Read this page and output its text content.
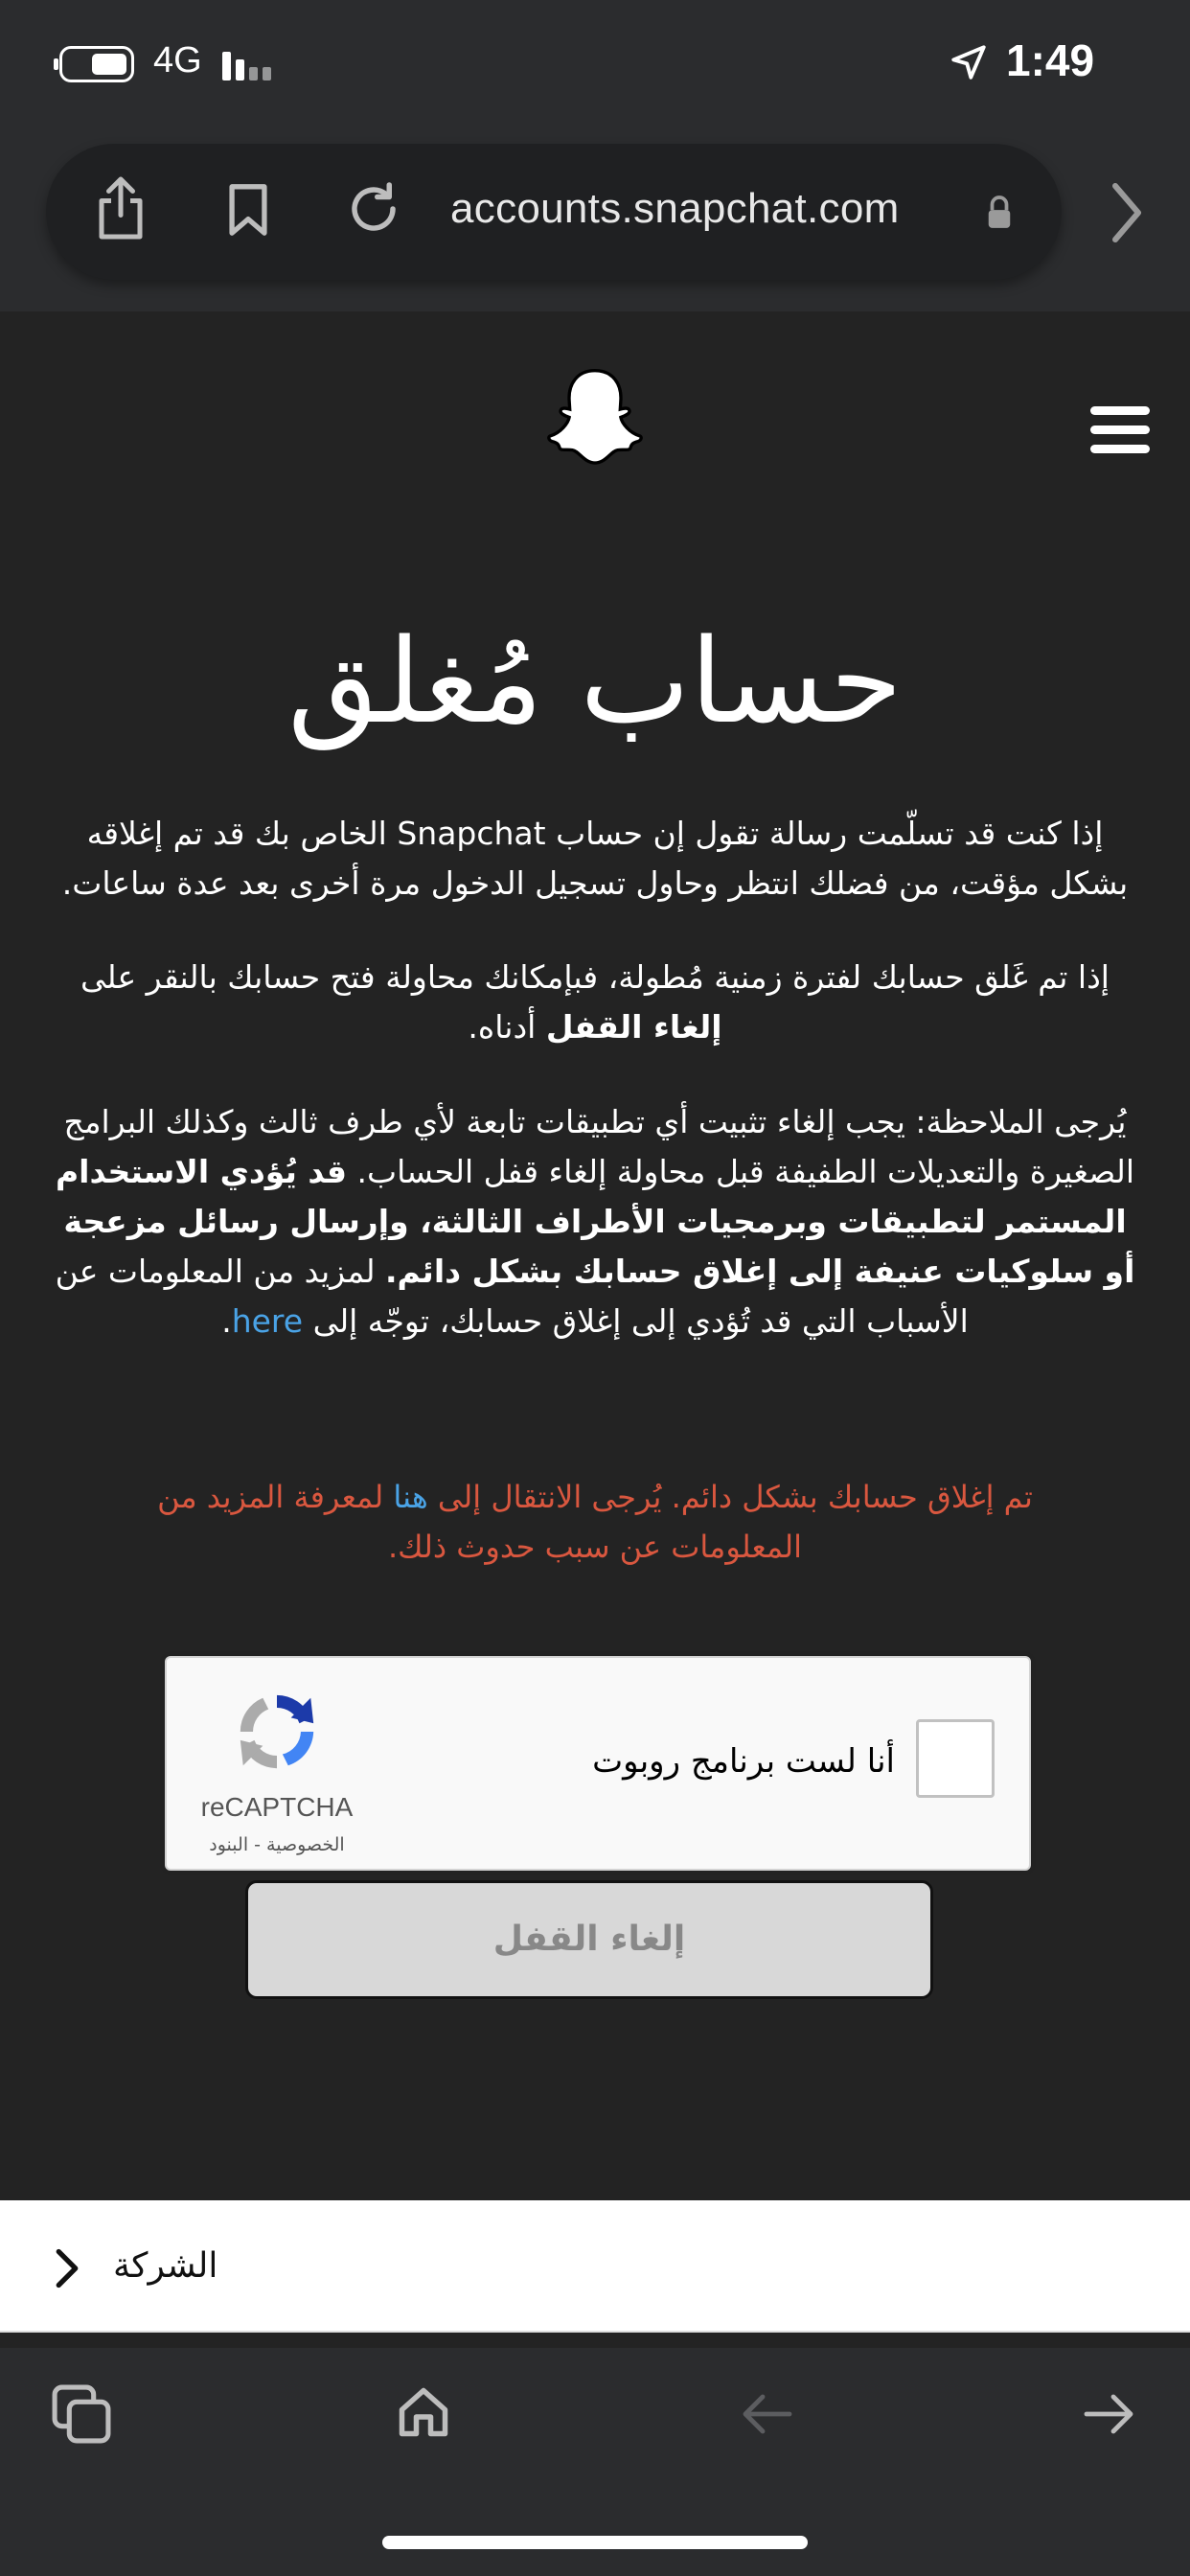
4G	1:49
accounts.snapchat.com
حساب مُغلق
إذا كنت قد تسلّمت رسالة تقول إن حساب Snapchat الخاص بك قد تم إغلاقه بشكل مؤقت، من فضلك انتظر وحاول تسجيل الدخول مرة أخرى بعد عدة ساعات.
إذا تم غَلق حسابك لفترة زمنية مُطولة، فبإمكانك محاولة فتح حسابك بالنقر على إلغاء القفل أدناه.
يُرجى الملاحظة: يجب إلغاء تثبيت أي تطبيقات تابعة لأي طرف ثالث وكذلك البرامج الصغيرة والتعديلات الطفيفة قبل محاولة إلغاء قفل الحساب. قد يُؤدي الاستخدام المستمر لتطبيقات وبرمجيات الأطراف الثالثة، وإرسال رسائل مزعجة أو سلوكيات عنيفة إلى إغلاق حسابك بشكل دائم. لمزيد من المعلومات عن الأسباب التي قد تُؤدي إلى إغلاق حسابك، توجّه إلى here.
تم إغلاق حسابك بشكل دائم. يُرجى الانتقال إلى هنا لمعرفة المزيد من المعلومات عن سبب حدوث ذلك.
أنا لست برنامج روبوت
reCAPTCHA
الخصوصية - البنود
إلغاء القفل
الشركة
